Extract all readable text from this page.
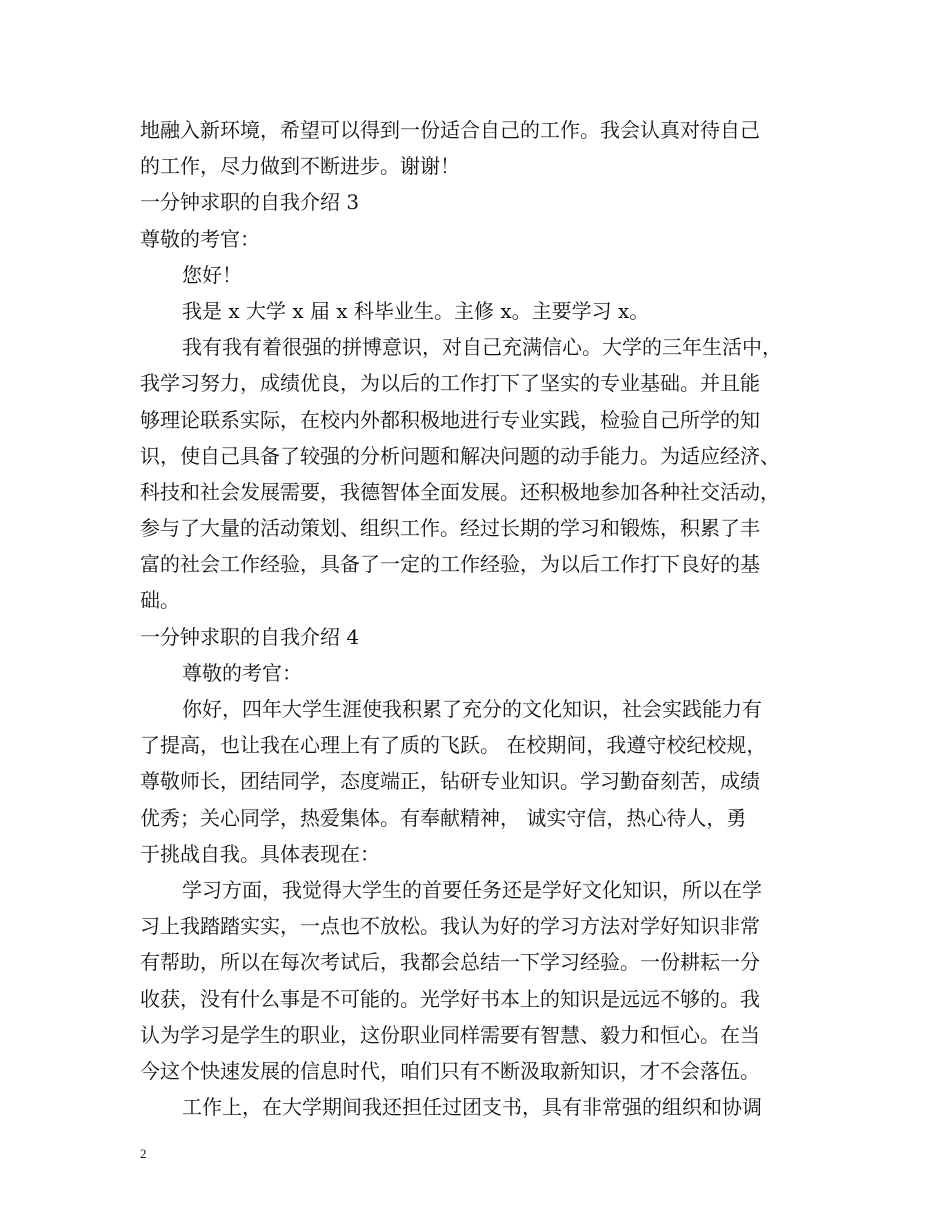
地融入新环境，希望可以得到一份适合自己的工作。我会认真对待自己
的工作，尽力做到不断进步。谢谢！
一分钟求职的自我介绍 3
尊敬的考官：
您好！
我是 x 大学 x 届 x 科毕业生。主修 x。主要学习 x。
我有我有着很强的拼博意识，对自己充满信心。大学的三年生活中，
我学习努力，成绩优良，为以后的工作打下了坚实的专业基础。并且能
够理论联系实际，在校内外都积极地进行专业实践，检验自己所学的知
识，使自己具备了较强的分析问题和解决问题的动手能力。为适应经济、
科技和社会发展需要，我德智体全面发展。还积极地参加各种社交活动，
参与了大量的活动策划、组织工作。经过长期的学习和锻炼，积累了丰
富的社会工作经验，具备了一定的工作经验，为以后工作打下良好的基
础。
一分钟求职的自我介绍 4
尊敬的考官：
你好，四年大学生涯使我积累了充分的文化知识，社会实践能力有
了提高，也让我在心理上有了质的飞跃。 在校期间，我遵守校纪校规，
尊敬师长，团结同学，态度端正，钻研专业知识。学习勤奋刻苦，成绩
优秀；关心同学，热爱集体。有奉献精神， 诚实守信，热心待人，勇
于挑战自我。具体表现在：
学习方面，我觉得大学生的首要任务还是学好文化知识，所以在学
习上我踏踏实实，一点也不放松。我认为好的学习方法对学好知识非常
有帮助，所以在每次考试后，我都会总结一下学习经验。一份耕耘一分
收获，没有什么事是不可能的。光学好书本上的知识是远远不够的。我
认为学习是学生的职业，这份职业同样需要有智慧、毅力和恒心。在当
今这个快速发展的信息时代，咱们只有不断汲取新知识，才不会落伍。
工作上，在大学期间我还担任过团支书，具有非常强的组织和协调
2
